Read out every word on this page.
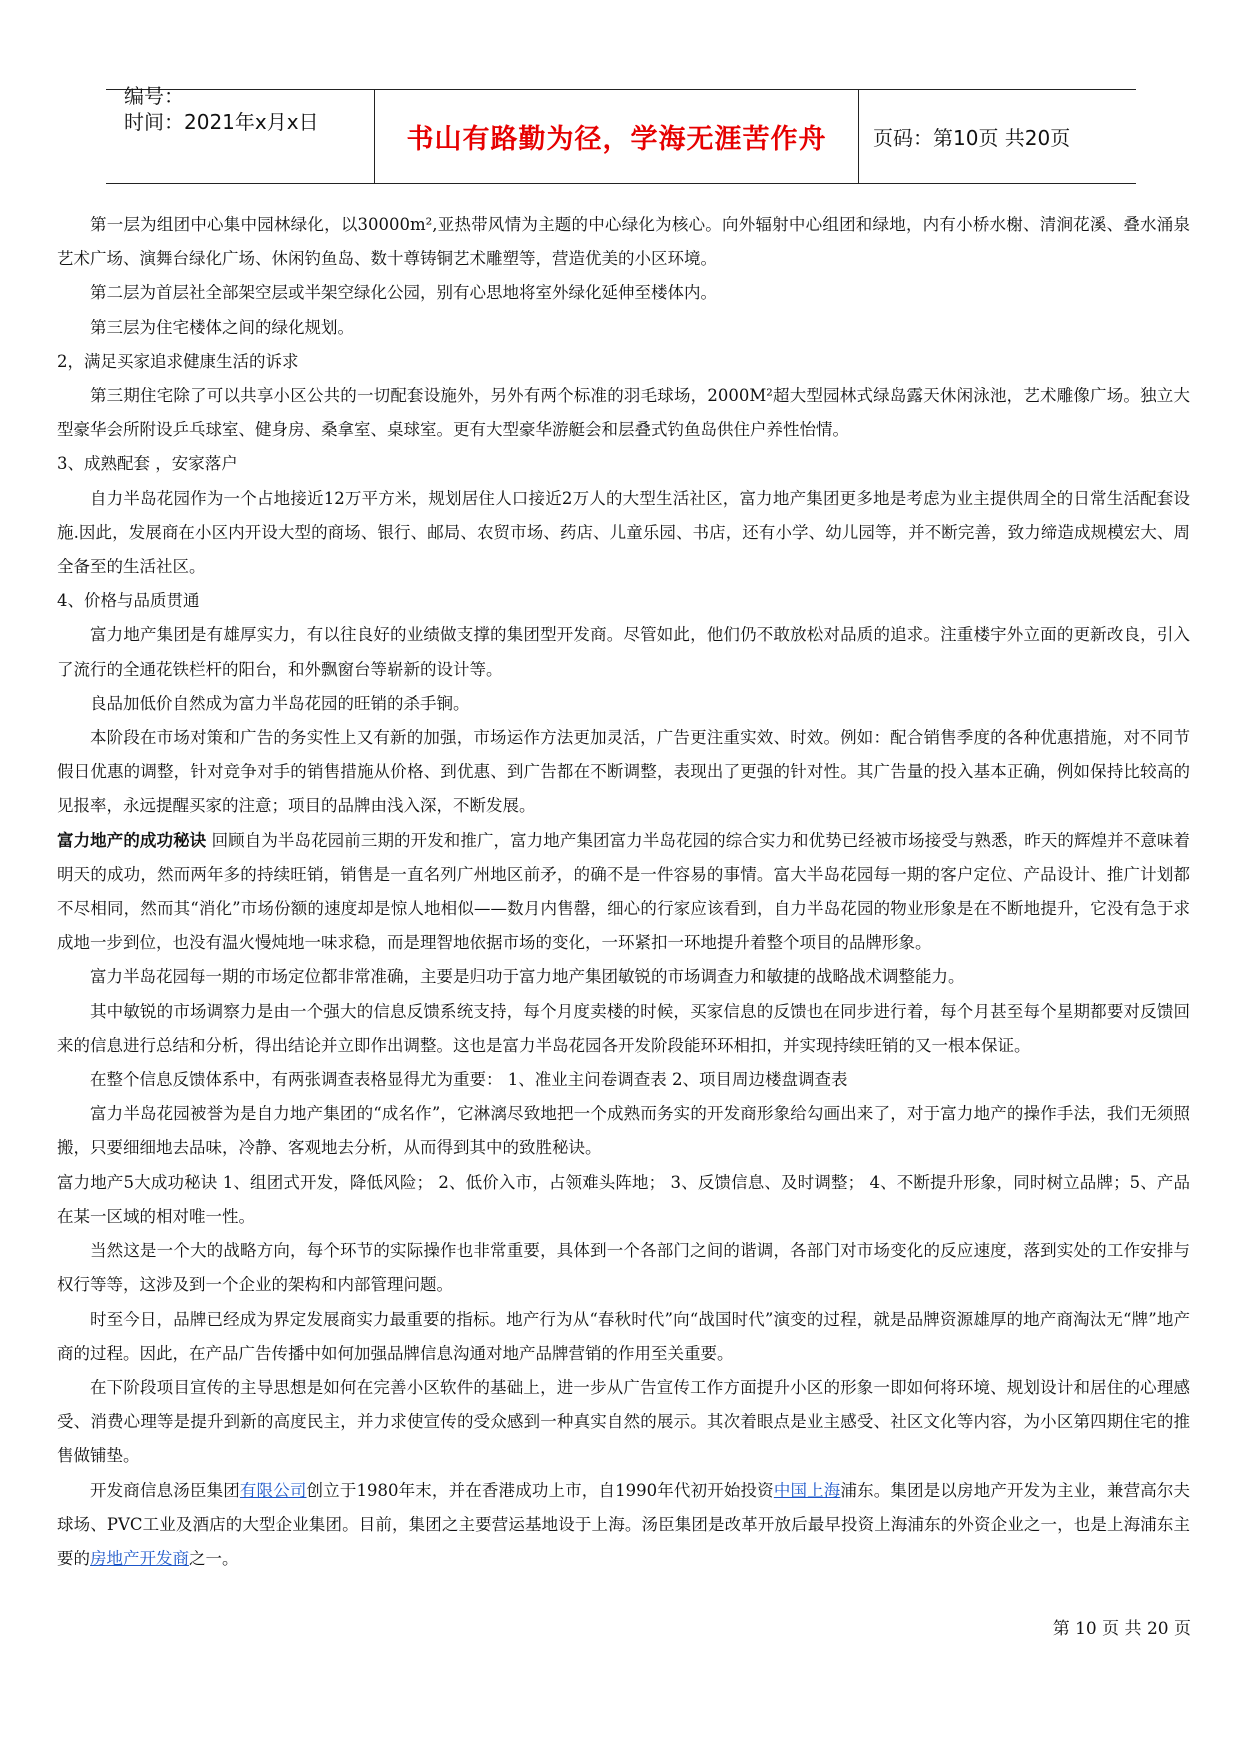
编号：
时间：2021年x月x日
书山有路勤为径，学海无涯苦作舟 页码：第10页 共20页

第一层为组团中心集中园林绿化，以30000m²,亚热带风情为主题的中心绿化为核心。向外辐射中心组团和绿地，内有小桥水榭、清涧花溪、叠水涌泉艺术广场、演舞台绿化广场、休闲钓鱼岛、数十尊铸铜艺术雕塑等，营造优美的小区环境。

第二层为首层社全部架空层或半架空绿化公园，别有心思地将室外绿化延伸至楼体内。

第三层为住宅楼体之间的绿化规划。

2，满足买家追求健康生活的诉求

第三期住宅除了可以共享小区公共的一切配套设施外，另外有两个标准的羽毛球场，2000M²超大型园林式绿岛露天休闲泳池，艺术雕像广场。独立大型豪华会所附设乒乓球室、健身房、桑拿室、桌球室。更有大型豪华游艇会和层叠式钓鱼岛供住户养性怡情。

3、成熟配套 ，安家落户

自力半岛花园作为一个占地接近12万平方米，规划居住人口接近2万人的大型生活社区，富力地产集团更多地是考虑为业主提供周全的日常生活配套设施.因此，发展商在小区内开设大型的商场、银行、邮局、农贸市场、药店、儿童乐园、书店，还有小学、幼儿园等，并不断完善，致力缔造成规模宏大、周全备至的生活社区。

4、价格与品质贯通

富力地产集团是有雄厚实力，有以往良好的业绩做支撑的集团型开发商。尽管如此，他们仍不敢放松对品质的追求。注重楼宇外立面的更新改良，引入了流行的全通花铁栏杆的阳台，和外飘窗台等崭新的设计等。

良品加低价自然成为富力半岛花园的旺销的杀手锏。

本阶段在市场对策和广告的务实性上又有新的加强，市场运作方法更加灵活，广告更注重实效、时效。例如：配合销售季度的各种优惠措施，对不同节假日优惠的调整，针对竞争对手的销售措施从价格、到优惠、到广告都在不断调整，表现出了更强的针对性。其广告量的投入基本正确，例如保持比较高的见报率，永远提醒买家的注意；项目的品牌由浅入深，不断发展。

富力地产的成功秘诀 回顾自为半岛花园前三期的开发和推广，富力地产集团富力半岛花园的综合实力和优势已经被市场接受与熟悉，昨天的辉煌并不意味着明天的成功，然而两年多的持续旺销，销售是一直名列广州地区前矛，的确不是一件容易的事情。富大半岛花园每一期的客户定位、产品设计、推广计划都不尽相同，然而其“消化”市场份额的速度却是惊人地相似——数月内售罄，细心的行家应该看到，自力半岛花园的物业形象是在不断地提升，它没有急于求成地一步到位，也没有温火慢炖地一味求稳，而是理智地依据市场的变化，一环紧扣一环地提升着整个项目的品牌形象。

富力半岛花园每一期的市场定位都非常准确，主要是归功于富力地产集团敏锐的市场调查力和敏捷的战略战术调整能力。

其中敏锐的市场调察力是由一个强大的信息反馈系统支持，每个月度卖楼的时候，买家信息的反馈也在同步进行着，每个月甚至每个星期都要对反馈回来的信息进行总结和分析，得出结论并立即作出调整。这也是富力半岛花园各开发阶段能环环相扣，并实现持续旺销的又一根本保证。

在整个信息反馈体系中，有两张调查表格显得尤为重要： 1、准业主问卷调查表 2、项目周边楼盘调查表

富力半岛花园被誉为是自力地产集团的“成名作”，它淋漓尽致地把一个成熟而务实的开发商形象给勾画出来了，对于富力地产的操作手法，我们无须照搬，只要细细地去品味，冷静、客观地去分析，从而得到其中的致胜秘诀。

富力地产5大成功秘诀 1、组团式开发，降低风险； 2、低价入市，占领难头阵地； 3、反馈信息、及时调整； 4、不断提升形象，同时树立品牌；5、产品在某一区域的相对唯一性。

当然这是一个大的战略方向，每个环节的实际操作也非常重要，具体到一个各部门之间的谐调，各部门对市场变化的反应速度，落到实处的工作安排与权行等等，这涉及到一个企业的架构和内部管理问题。

时至今日，品牌已经成为界定发展商实力最重要的指标。地产行为从“春秋时代”向“战国时代”演变的过程，就是品牌资源雄厚的地产商淘汰无“牌”地产商的过程。因此，在产品广告传播中如何加强品牌信息沟通对地产品牌营销的作用至关重要。

在下阶段项目宣传的主导思想是如何在完善小区软件的基础上，进一步从广告宣传工作方面提升小区的形象一即如何将环境、规划设计和居住的心理感受、消费心理等是提升到新的高度民主，并力求使宣传的受众感到一种真实自然的展示。其次着眼点是业主感受、社区文化等内容，为小区第四期住宅的推售做铺垫。

开发商信息汤臣集团有限公司创立于1980年末，并在香港成功上市，自1990年代初开始投资中国上海浦东。集团是以房地产开发为主业，兼营高尔夫球场、PVC工业及酒店的大型企业集团。目前，集团之主要营运基地设于上海。汤臣集团是改革开放后最早投资上海浦东的外资企业之一，也是上海浦东主要的房地产开发商之一。

第 10 页 共 20 页
